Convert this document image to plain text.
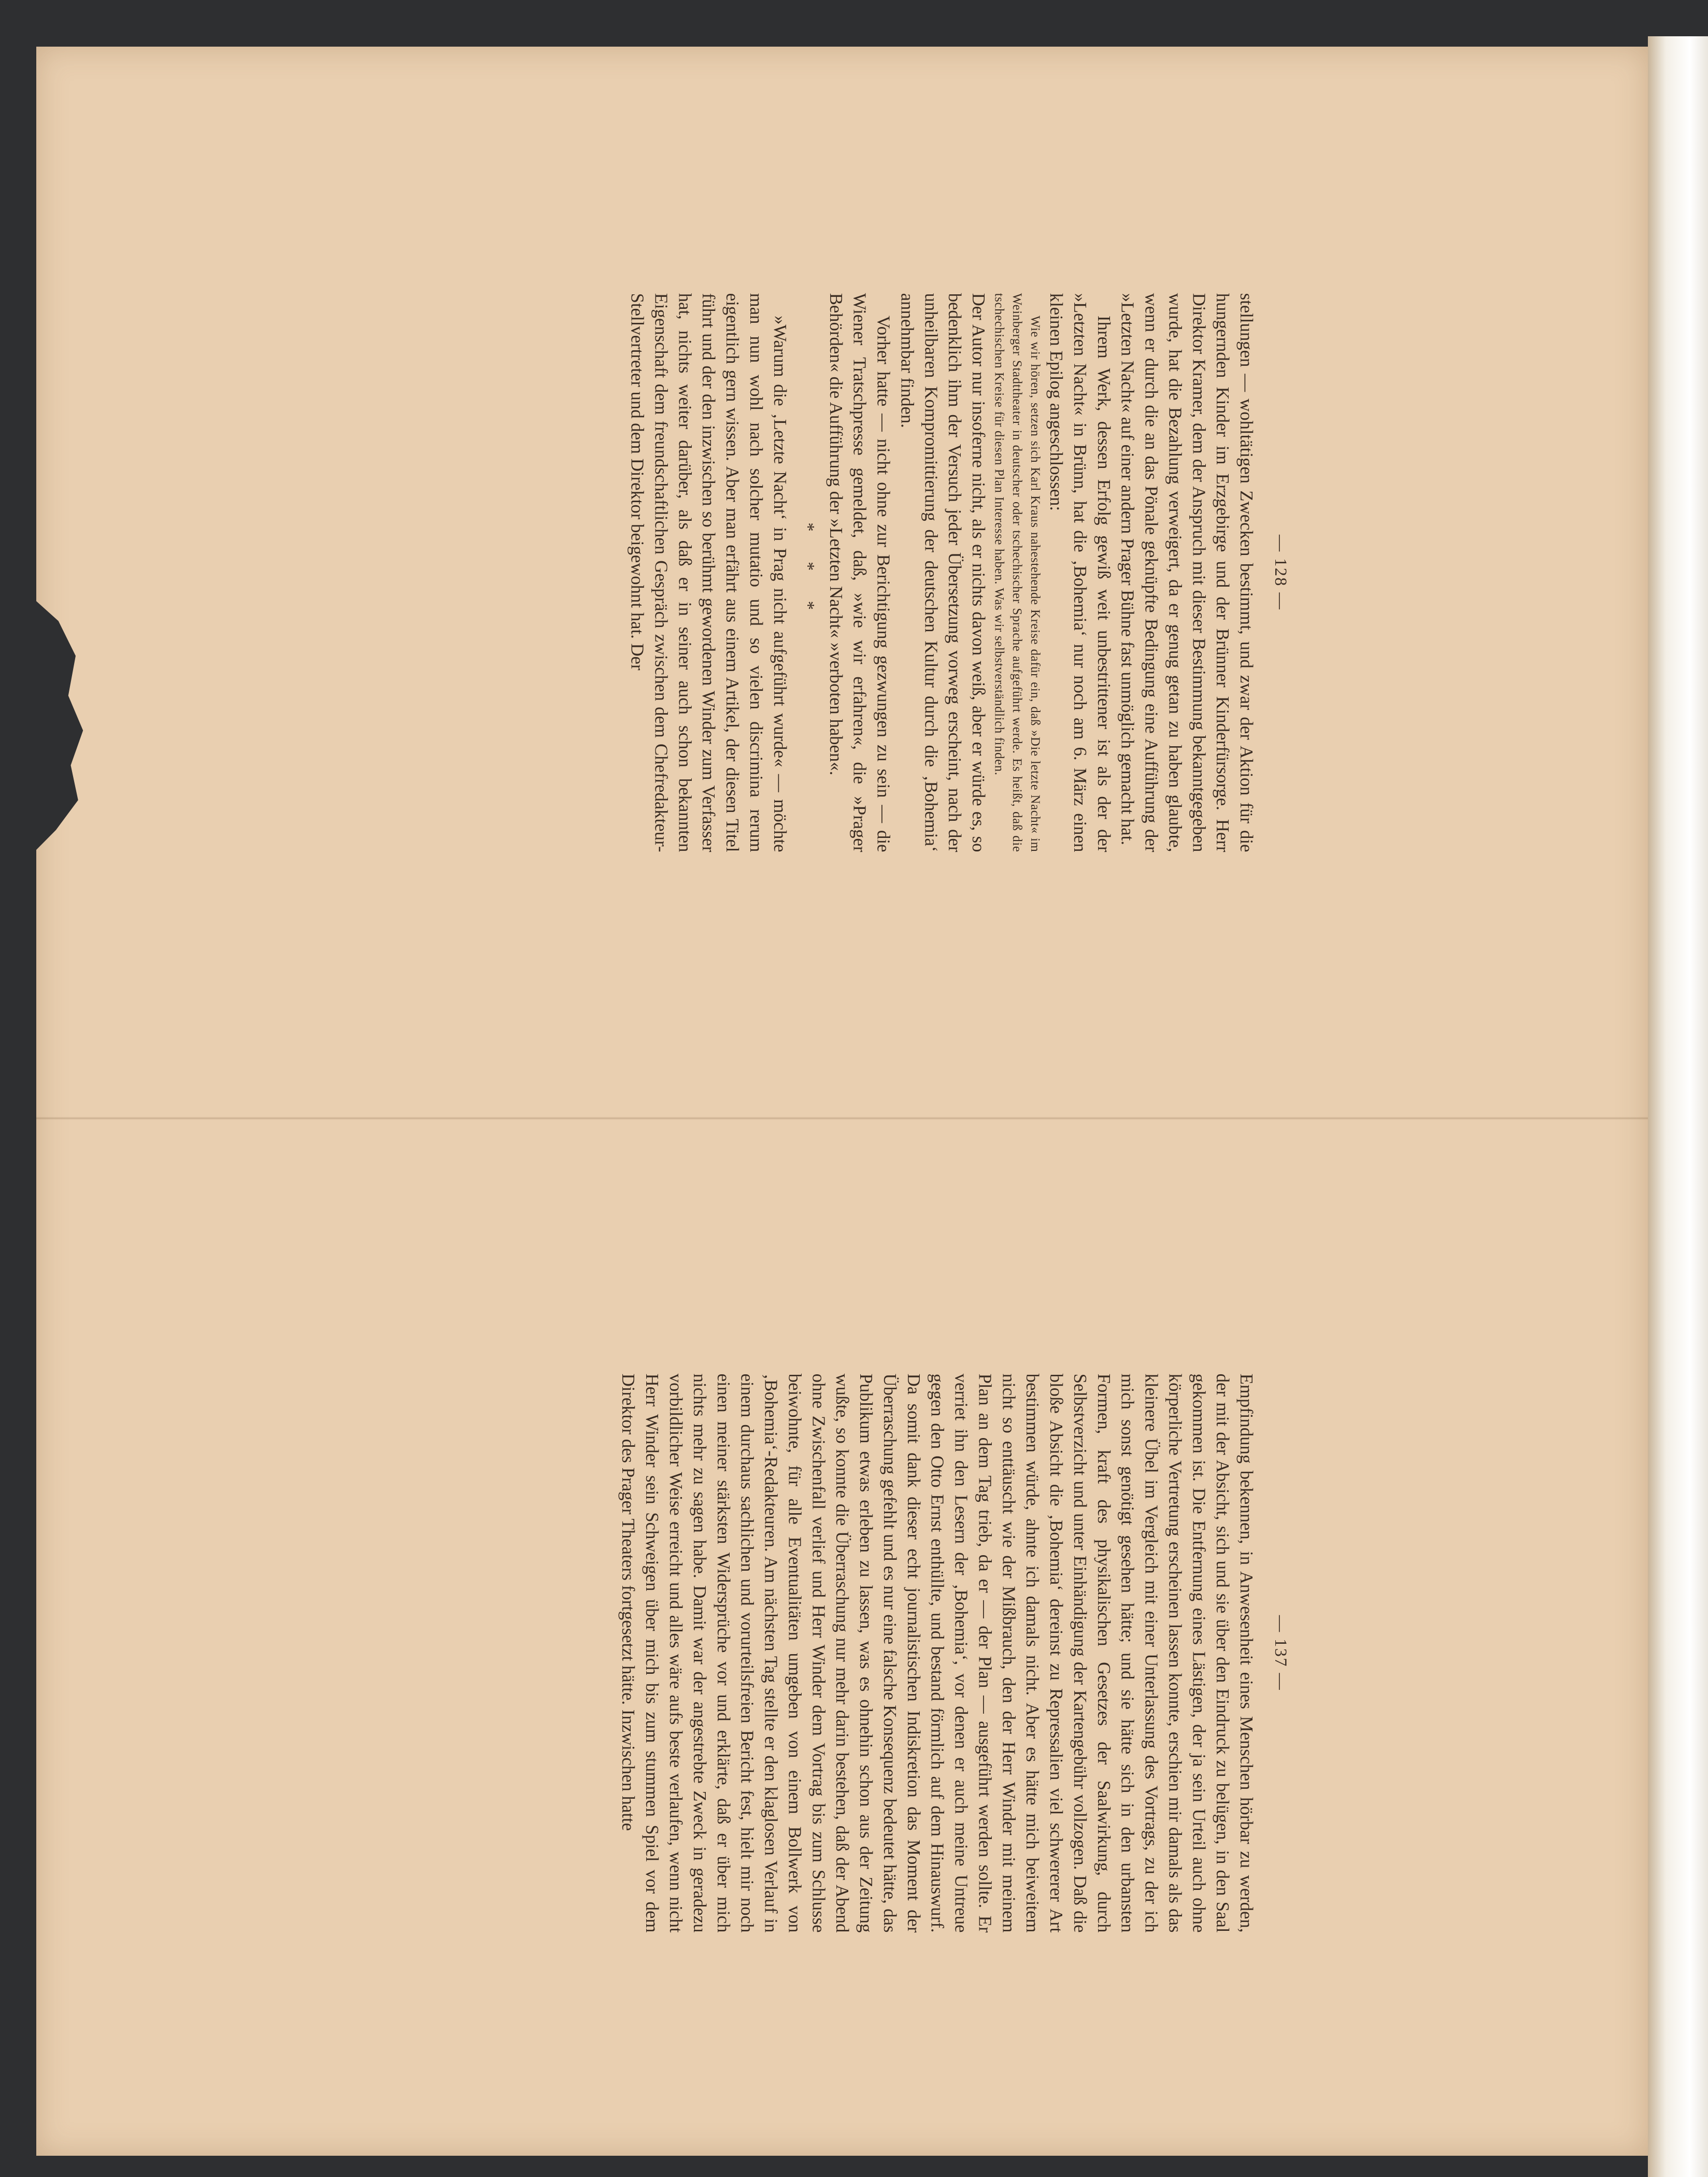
— 128 —

stellungen — wohltätigen Zwecken bestimmt, und zwar der Aktion für die hungernden Kinder im Erzgebirge und der Brünner Kinderfürsorge. Herr Direktor Kramer, dem der Anspruch mit dieser Bestimmung bekanntgegeben wurde, hat die Bezahlung verweigert, da er genug getan zu haben glaubte, wenn er durch die an das Pönale geknüpfte Bedingung eine Aufführung der »Letzten Nacht« auf einer andern Prager Bühne fast unmöglich gemacht hat.

Ihrem Werk, dessen Erfolg gewiß weit unbestrittener ist als der der »Letzten Nacht« in Brünn, hat die ‚Bohemia‘ nur noch am 6. März einen kleinen Epilog angeschlossen:

Wie wir hören, setzen sich Karl Kraus nahestehende Kreise dafür ein, daß »Die letzte Nacht« im Weinberger Stadttheater in deutscher oder tschechischer Sprache aufgeführt werde. Es heißt, daß die tschechischen Kreise für diesen Plan Interesse haben. Was wir selbstverständlich finden.

Der Autor nur insoferne nicht, als er nichts davon weiß, aber er würde es, so bedenklich ihm der Versuch jeder Übersetzung vorweg erscheint, nach der unheilbaren Kompromittierung der deutschen Kultur durch die ‚Bohemia‘ annehmbar finden.

Vorher hatte — nicht ohne zur Berichtigung gezwungen zu sein — die Wiener Tratschpresse gemeldet, daß, »wie wir erfahren«, die »Prager Behörden« die Aufführung der »Letzten Nacht« »verboten haben«.

* * *

»Warum die ‚Letzte Nacht‘ in Prag nicht aufgeführt wurde« — möchte man nun wohl nach solcher mutatio und so vielen discrimina rerum eigentlich gern wissen. Aber man erfährt aus einem Artikel, der diesen Titel führt und der den inzwischen so berühmt gewordenen Winder zum Verfasser hat, nichts weiter darüber, als daß er in seiner auch schon bekannten Eigenschaft dem freundschaftlichen Gespräch zwischen dem Chefredakteur-Stellvertreter und dem Direktor beigewohnt hat. Der

— 137 —

Empfindung bekennen, in Anwesenheit eines Menschen hörbar zu werden, der mit der Absicht, sich und sie über den Eindruck zu belügen, in den Saal gekommen ist. Die Entfernung eines Lästigen, der ja sein Urteil auch ohne körperliche Vertretung erscheinen lassen konnte, erschien mir damals als das kleinere Übel im Vergleich mit einer Unterlassung des Vortrags, zu der ich mich sonst genötigt gesehen hätte; und sie hätte sich in den urbansten Formen, kraft des physikalischen Gesetzes der Saalwirkung, durch Selbstverzicht und unter Einhändigung der Kartengebühr vollzogen. Daß die bloße Absicht die ‚Bohemia‘ dereinst zu Repressalien viel schwererer Art bestimmen würde, ahnte ich damals nicht. Aber es hätte mich beiweitem nicht so enttäuscht wie der Mißbrauch, den der Herr Winder mit meinem Plan an dem Tag trieb, da er — der Plan — ausgeführt werden sollte. Er verriet ihn den Lesern der ‚Bohemia‘, vor denen er auch meine Untreue gegen den Otto Ernst enthüllte, und bestand förmlich auf dem Hinauswurf. Da somit dank dieser echt journalistischen Indiskretion das Moment der Überraschung gefehlt und es nur eine falsche Konsequenz bedeutet hätte, das Publikum etwas erleben zu lassen, was es ohnehin schon aus der Zeitung wußte, so konnte die Überraschung nur mehr darin bestehen, daß der Abend ohne Zwischenfall verlief und Herr Winder dem Vortrag bis zum Schlusse beiwohnte, für alle Eventualitäten umgeben von einem Bollwerk von ‚Bohemia‘-Redakteuren. Am nächsten Tag stellte er den klaglosen Verlauf in einem durchaus sachlichen und vorurteilsfreien Bericht fest, hielt mir noch einen meiner stärksten Widersprüche vor und erklärte, daß er über mich nichts mehr zu sagen habe. Damit war der angestrebte Zweck in geradezu vorbildlicher Weise erreicht und alles wäre aufs beste verlaufen, wenn nicht Herr Winder sein Schweigen über mich bis zum stummen Spiel vor dem Direktor des Prager Theaters fortgesetzt hätte. Inzwischen hatte
